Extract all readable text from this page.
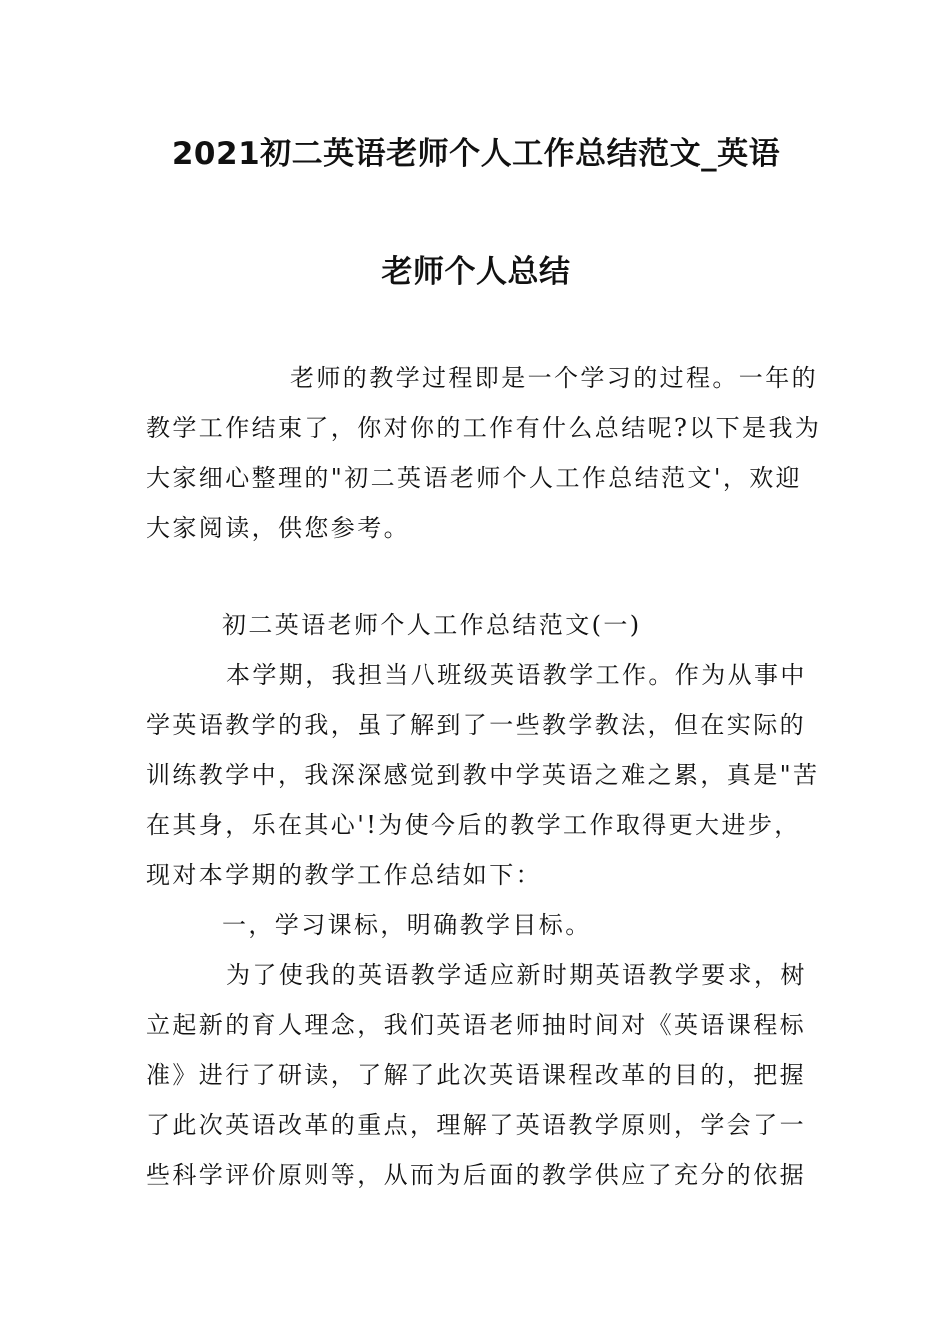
2021初二英语老师个人工作总结范文_英语
老师个人总结
老师的教学过程即是一个学习的过程。一年的
教学工作结束了，你对你的工作有什么总结呢?以下是我为
大家细心整理的"初二英语老师个人工作总结范文'，欢迎
大家阅读，供您参考。
初二英语老师个人工作总结范文(一)
本学期，我担当八班级英语教学工作。作为从事中
学英语教学的我，虽了解到了一些教学教法，但在实际的
训练教学中，我深深感觉到教中学英语之难之累，真是"苦
在其身，乐在其心'!为使今后的教学工作取得更大进步，
现对本学期的教学工作总结如下：
一，学习课标，明确教学目标。
为了使我的英语教学适应新时期英语教学要求，树
立起新的育人理念，我们英语老师抽时间对《英语课程标
准》进行了研读，了解了此次英语课程改革的目的，把握
了此次英语改革的重点，理解了英语教学原则，学会了一
些科学评价原则等，从而为后面的教学供应了充分的依据
